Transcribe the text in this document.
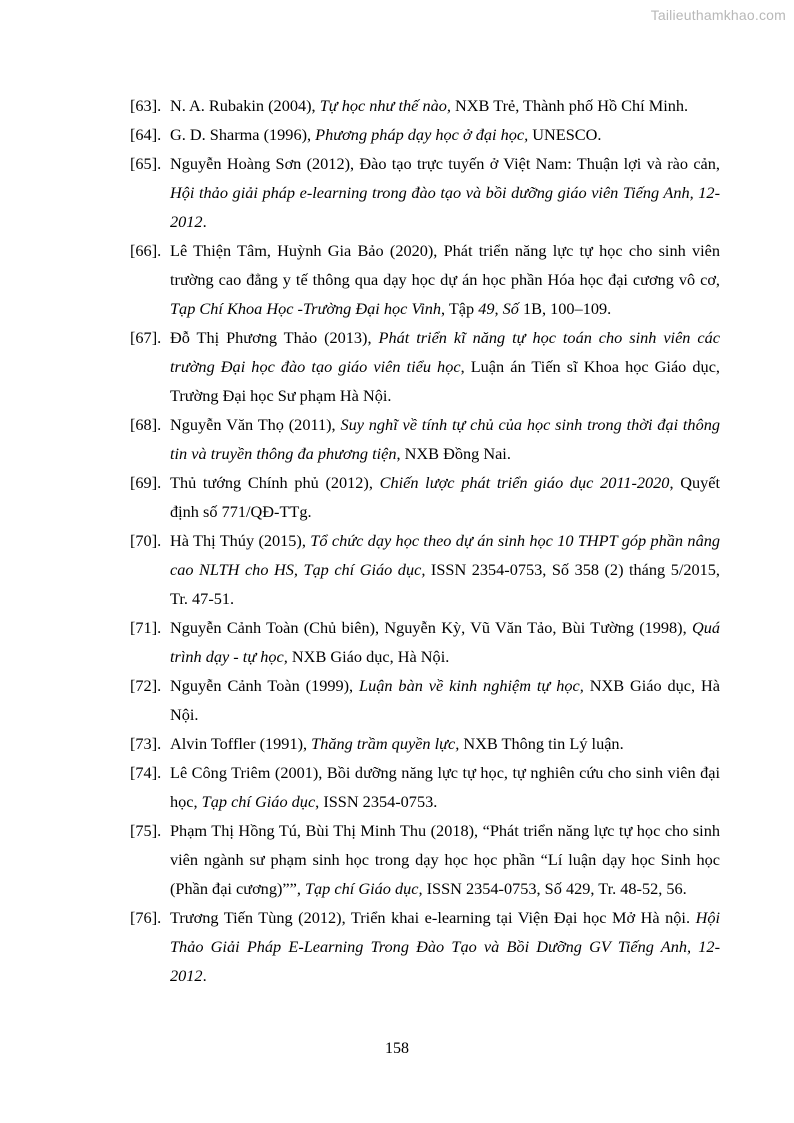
Tailieuthamkhao.com
[63]. N. A. Rubakin (2004), Tự học như thế nào, NXB Trẻ, Thành phố Hồ Chí Minh.
[64]. G. D. Sharma (1996), Phương pháp dạy học ở đại học, UNESCO.
[65]. Nguyễn Hoàng Sơn (2012), Đào tạo trực tuyến ở Việt Nam: Thuận lợi và rào cản, Hội thảo giải pháp e-learning trong đào tạo và bồi dưỡng giáo viên Tiếng Anh, 12- 2012.
[66]. Lê Thiện Tâm, Huỳnh Gia Bảo (2020), Phát triển năng lực tự học cho sinh viên trường cao đẳng y tế thông qua dạy học dự án học phần Hóa học đại cương vô cơ, Tạp Chí Khoa Học -Trường Đại học Vinh, Tập 49, Số 1B, 100–109.
[67]. Đỗ Thị Phương Thảo (2013), Phát triển kĩ năng tự học toán cho sinh viên các trường Đại học đào tạo giáo viên tiểu học, Luận án Tiến sĩ Khoa học Giáo dục, Trường Đại học Sư phạm Hà Nội.
[68]. Nguyễn Văn Thọ (2011), Suy nghĩ về tính tự chủ của học sinh trong thời đại thông tin và truyền thông đa phương tiện, NXB Đồng Nai.
[69]. Thủ tướng Chính phủ (2012), Chiến lược phát triển giáo dục 2011-2020, Quyết định số 771/QĐ-TTg.
[70]. Hà Thị Thúy (2015), Tổ chức dạy học theo dự án sinh học 10 THPT góp phần nâng cao NLTH cho HS, Tạp chí Giáo dục, ISSN 2354-0753, Số 358 (2) tháng 5/2015, Tr. 47-51.
[71]. Nguyễn Cảnh Toàn (Chủ biên), Nguyễn Kỳ, Vũ Văn Tảo, Bùi Tường (1998), Quá trình dạy - tự học, NXB Giáo dục, Hà Nội.
[72]. Nguyễn Cảnh Toàn (1999), Luận bàn về kinh nghiệm tự học, NXB Giáo dục, Hà Nội.
[73]. Alvin Toffler (1991), Thăng trầm quyền lực, NXB Thông tin Lý luận.
[74]. Lê Công Triêm (2001), Bồi dưỡng năng lực tự học, tự nghiên cứu cho sinh viên đại học, Tạp chí Giáo dục, ISSN 2354-0753.
[75]. Phạm Thị Hồng Tú, Bùi Thị Minh Thu (2018), “Phát triển năng lực tự học cho sinh viên ngành sư phạm sinh học trong dạy học học phần “Lí luận dạy học Sinh học (Phần đại cương)””, Tạp chí Giáo dục, ISSN 2354-0753, Số 429, Tr. 48-52, 56.
[76]. Trương Tiến Tùng (2012), Triển khai e-learning tại Viện Đại học Mở Hà nội. Hội Thảo Giải Pháp E-Learning Trong Đào Tạo và Bồi Dưỡng GV Tiếng Anh, 12- 2012.
158
